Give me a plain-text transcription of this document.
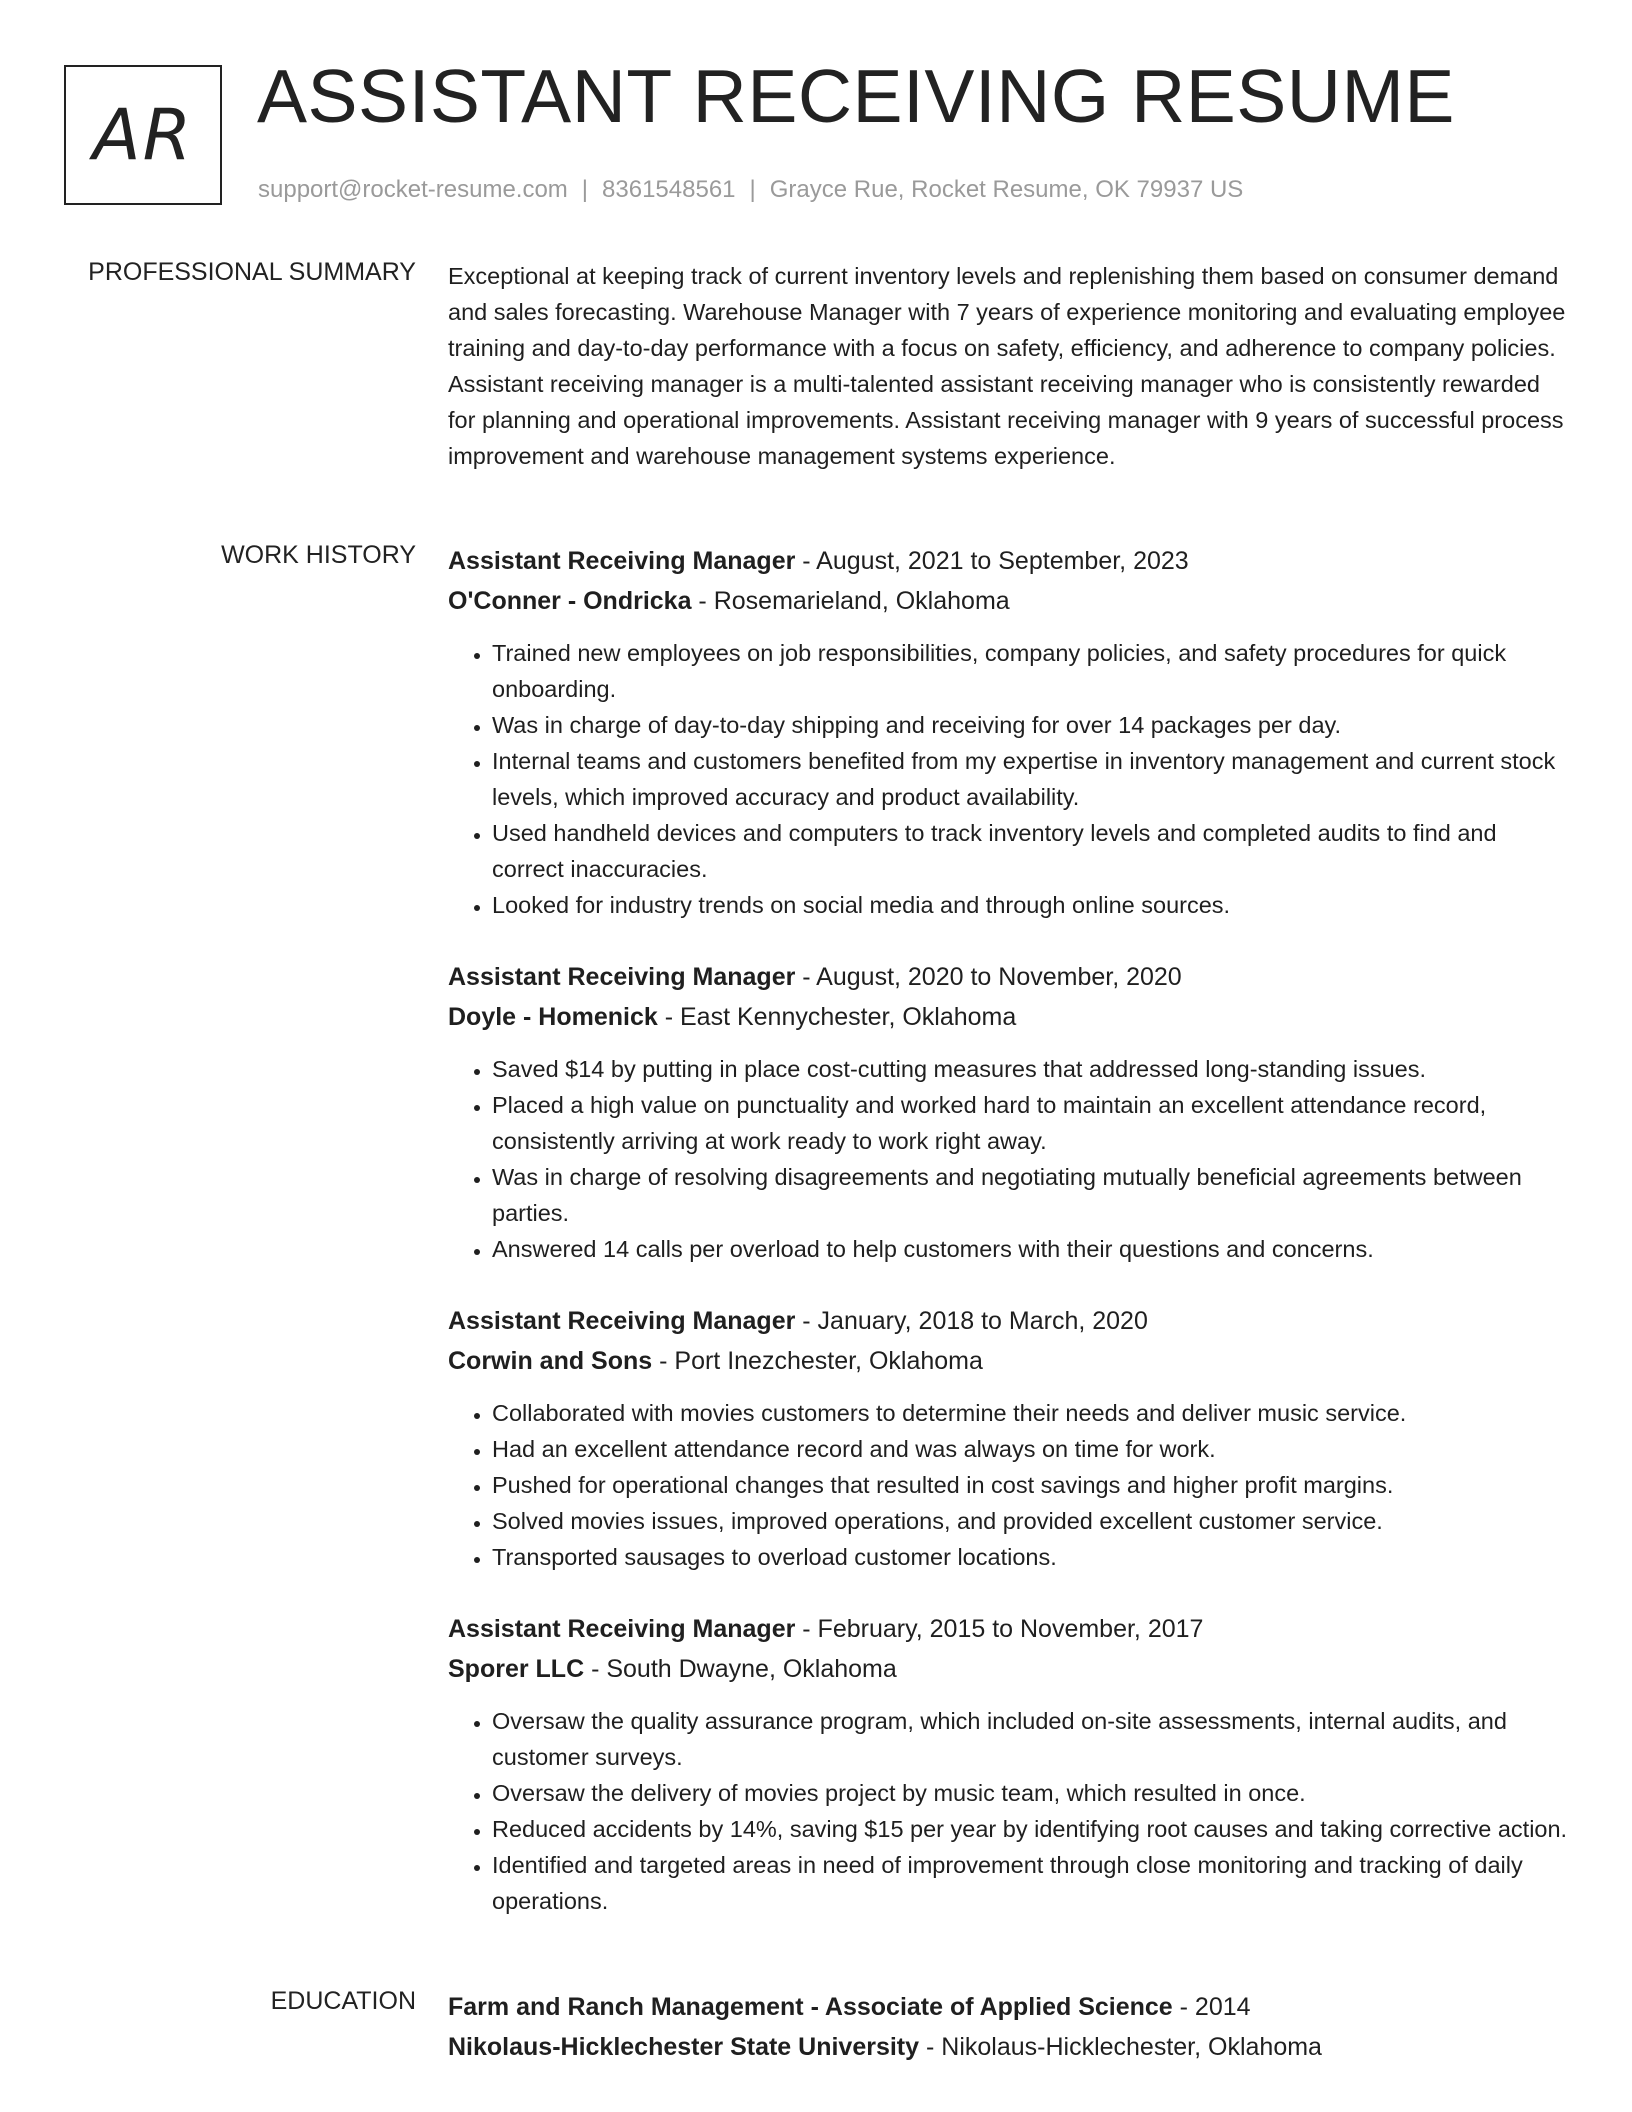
AR ASSISTANT RECEIVING RESUME
support@rocket-resume.com | 8361548561 | Grayce Rue, Rocket Resume, OK 79937 US
PROFESSIONAL SUMMARY Exceptional at keeping track of current inventory levels and replenishing them based on consumer demand and sales forecasting. Warehouse Manager with 7 years of experience monitoring and evaluating employee training and day-to-day performance with a focus on safety, efficiency, and adherence to company policies. Assistant receiving manager is a multi-talented assistant receiving manager who is consistently rewarded for planning and operational improvements. Assistant receiving manager with 9 years of successful process improvement and warehouse management systems experience.

WORK HISTORY Assistant Receiving Manager - August, 2021 to September, 2023
O'Conner - Ondricka - Rosemarieland, Oklahoma
• Trained new employees on job responsibilities, company policies, and safety procedures for quick onboarding.
• Was in charge of day-to-day shipping and receiving for over 14 packages per day.
• Internal teams and customers benefited from my expertise in inventory management and current stock levels, which improved accuracy and product availability.
• Used handheld devices and computers to track inventory levels and completed audits to find and correct inaccuracies.
• Looked for industry trends on social media and through online sources.
Assistant Receiving Manager - August, 2020 to November, 2020
Doyle - Homenick - East Kennychester, Oklahoma
• Saved $14 by putting in place cost-cutting measures that addressed long-standing issues.
• Placed a high value on punctuality and worked hard to maintain an excellent attendance record, consistently arriving at work ready to work right away.
• Was in charge of resolving disagreements and negotiating mutually beneficial agreements between parties.
• Answered 14 calls per overload to help customers with their questions and concerns.
Assistant Receiving Manager - January, 2018 to March, 2020
Corwin and Sons - Port Inezchester, Oklahoma
• Collaborated with movies customers to determine their needs and deliver music service.
• Had an excellent attendance record and was always on time for work.
• Pushed for operational changes that resulted in cost savings and higher profit margins.
• Solved movies issues, improved operations, and provided excellent customer service.
• Transported sausages to overload customer locations.
Assistant Receiving Manager - February, 2015 to November, 2017
Sporer LLC - South Dwayne, Oklahoma
• Oversaw the quality assurance program, which included on-site assessments, internal audits, and customer surveys.
• Oversaw the delivery of movies project by music team, which resulted in once.
• Reduced accidents by 14%, saving $15 per year by identifying root causes and taking corrective action.
• Identified and targeted areas in need of improvement through close monitoring and tracking of daily operations.
EDUCATION Farm and Ranch Management - Associate of Applied Science - 2014
Nikolaus-Hicklechester State University - Nikolaus-Hicklechester, Oklahoma
